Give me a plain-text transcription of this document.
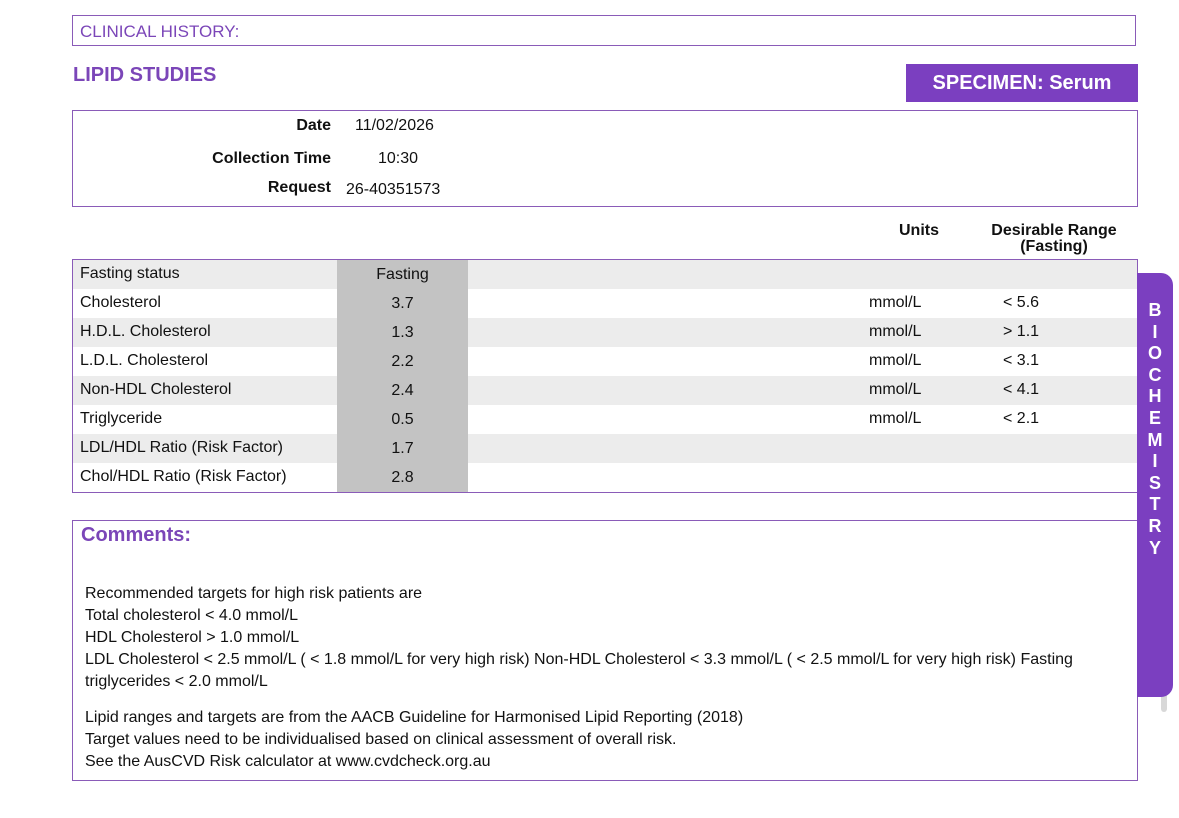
CLINICAL HISTORY:
LIPID STUDIES	SPECIMEN: Serum
Date 11/02/2026
Collection Time	10:30
Request 26-40351573
Units	Desirable Range
(Fasting)
Fasting status	Fasting
Cholesterol	3.7	mmol/L	< 5.6
H.D.L. Cholesterol	1.3	mmol/L	> 1.1
L.D.L. Cholesterol	2.2	mmol/L	< 3.1
Non-HDL Cholesterol	2.4	mmol/L	< 4.1
Triglyceride	0.5	mmol/L	< 2.1
LDL/HDL Ratio (Risk Factor)	1.7
Chol/HDL Ratio (Risk Factor)	2.8
Comments:

Recommended targets for high risk patients are

Total cholesterol < 4.0 mmol/L

HDL Cholesterol > 1.0 mmol/L

LDL Cholesterol < 2.5 mmol/L ( < 1.8 mmol/L for very high risk) Non-HDL Cholesterol < 3.3 mmol/L ( < 2.5 mmol/L for very high risk) Fasting triglycerides < 2.0 mmol/L

Lipid ranges and targets are from the AACB Guideline for Harmonised Lipid Reporting (2018)

Target values need to be individualised based on clinical assessment of overall risk.

See the AusCVD Risk calculator at www.cvdcheck.org.au

B
I
O
C
H
E
M
I
S
T
R
Y
